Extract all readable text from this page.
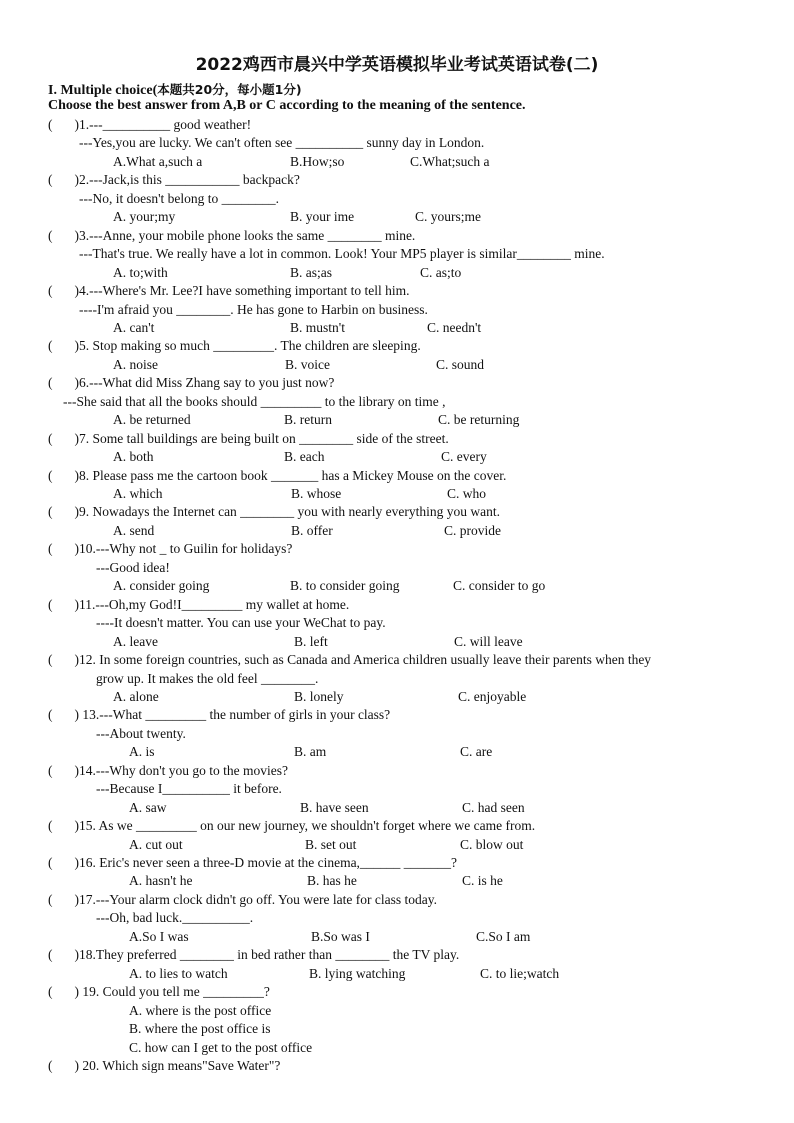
2022鸡西市晨兴中学英语模拟毕业考试英语试卷(二)
I. Multiple choice(本题共20分，每小题1分)
Choose the best answer from A,B or C according to the meaning of the sentence.
( )1.---__________ good weather!
---Yes,you are lucky. We can't often see __________ sunny day in London.
A.What a,such a	B.How;so	C.What;such a
( )2.---Jack,is this ___________ backpack?
---No, it doesn't belong to ________.
A. your;my	B. your ime	C. yours;me
( )3.---Anne, your mobile phone looks the same ________ mine.
---That's true. We really have a lot in common. Look! Your MP5 player is similar________ mine.
A. to;with	B. as;as	C. as;to
( )4.---Where's Mr. Lee?I have something important to tell him.
----I'm afraid you ________. He has gone to Harbin on business.
A. can't	B. mustn't	C. needn't
( )5. Stop making so much _________. The children are sleeping.
A. noise	B. voice	C. sound
( )6.---What did Miss Zhang say to you just now?
---She said that all the books should _________ to the library on time ,
A. be returned	B. return	C. be returning
( )7. Some tall buildings are being built on ________ side of the street.
A. both	B. each	C. every
( )8. Please pass me the cartoon book _______ has a Mickey Mouse on the cover.
A. which	B. whose	C. who
( )9. Nowadays the Internet can ________ you with nearly everything you want.
A. send	B. offer	C. provide
( )10.---Why not _ to Guilin for holidays?
---Good idea!
A. consider going	B. to consider going	C. consider to go
( )11.---Oh,my God!I_________ my wallet at home.
----It doesn't matter. You can use your WeChat to pay.
A. leave	B. left	C. will leave
( )12. In some foreign countries, such as Canada and America children usually leave their parents when they
grow up. It makes the old feel ________.
A. alone	B. lonely	C. enjoyable
( ) 13.---What _________ the number of girls in your class?
---About twenty.
A. is	B. am	C. are
( )14.---Why don't you go to the movies?
---Because I__________ it before.
A. saw	B. have seen	C. had seen
( )15. As we _________ on our new journey, we shouldn't forget where we came from.
A. cut out	B. set out	C. blow out
( )16. Eric's never seen a three-D movie at the cinema,______ _______?
A. hasn't he	B. has he	C. is he
( )17.---Your alarm clock didn't go off. You were late for class today.
---Oh, bad luck.__________.
A.So I was	B.So was I	C.So I am
( )18.They preferred ________ in bed rather than ________ the TV play.
A. to lies to watch	B. lying watching	C. to lie;watch
( ) 19. Could you tell me _________?
A. where is the post office
B. where the post office is
C. how can I get to the post office
( ) 20. Which sign means"Save Water"?
